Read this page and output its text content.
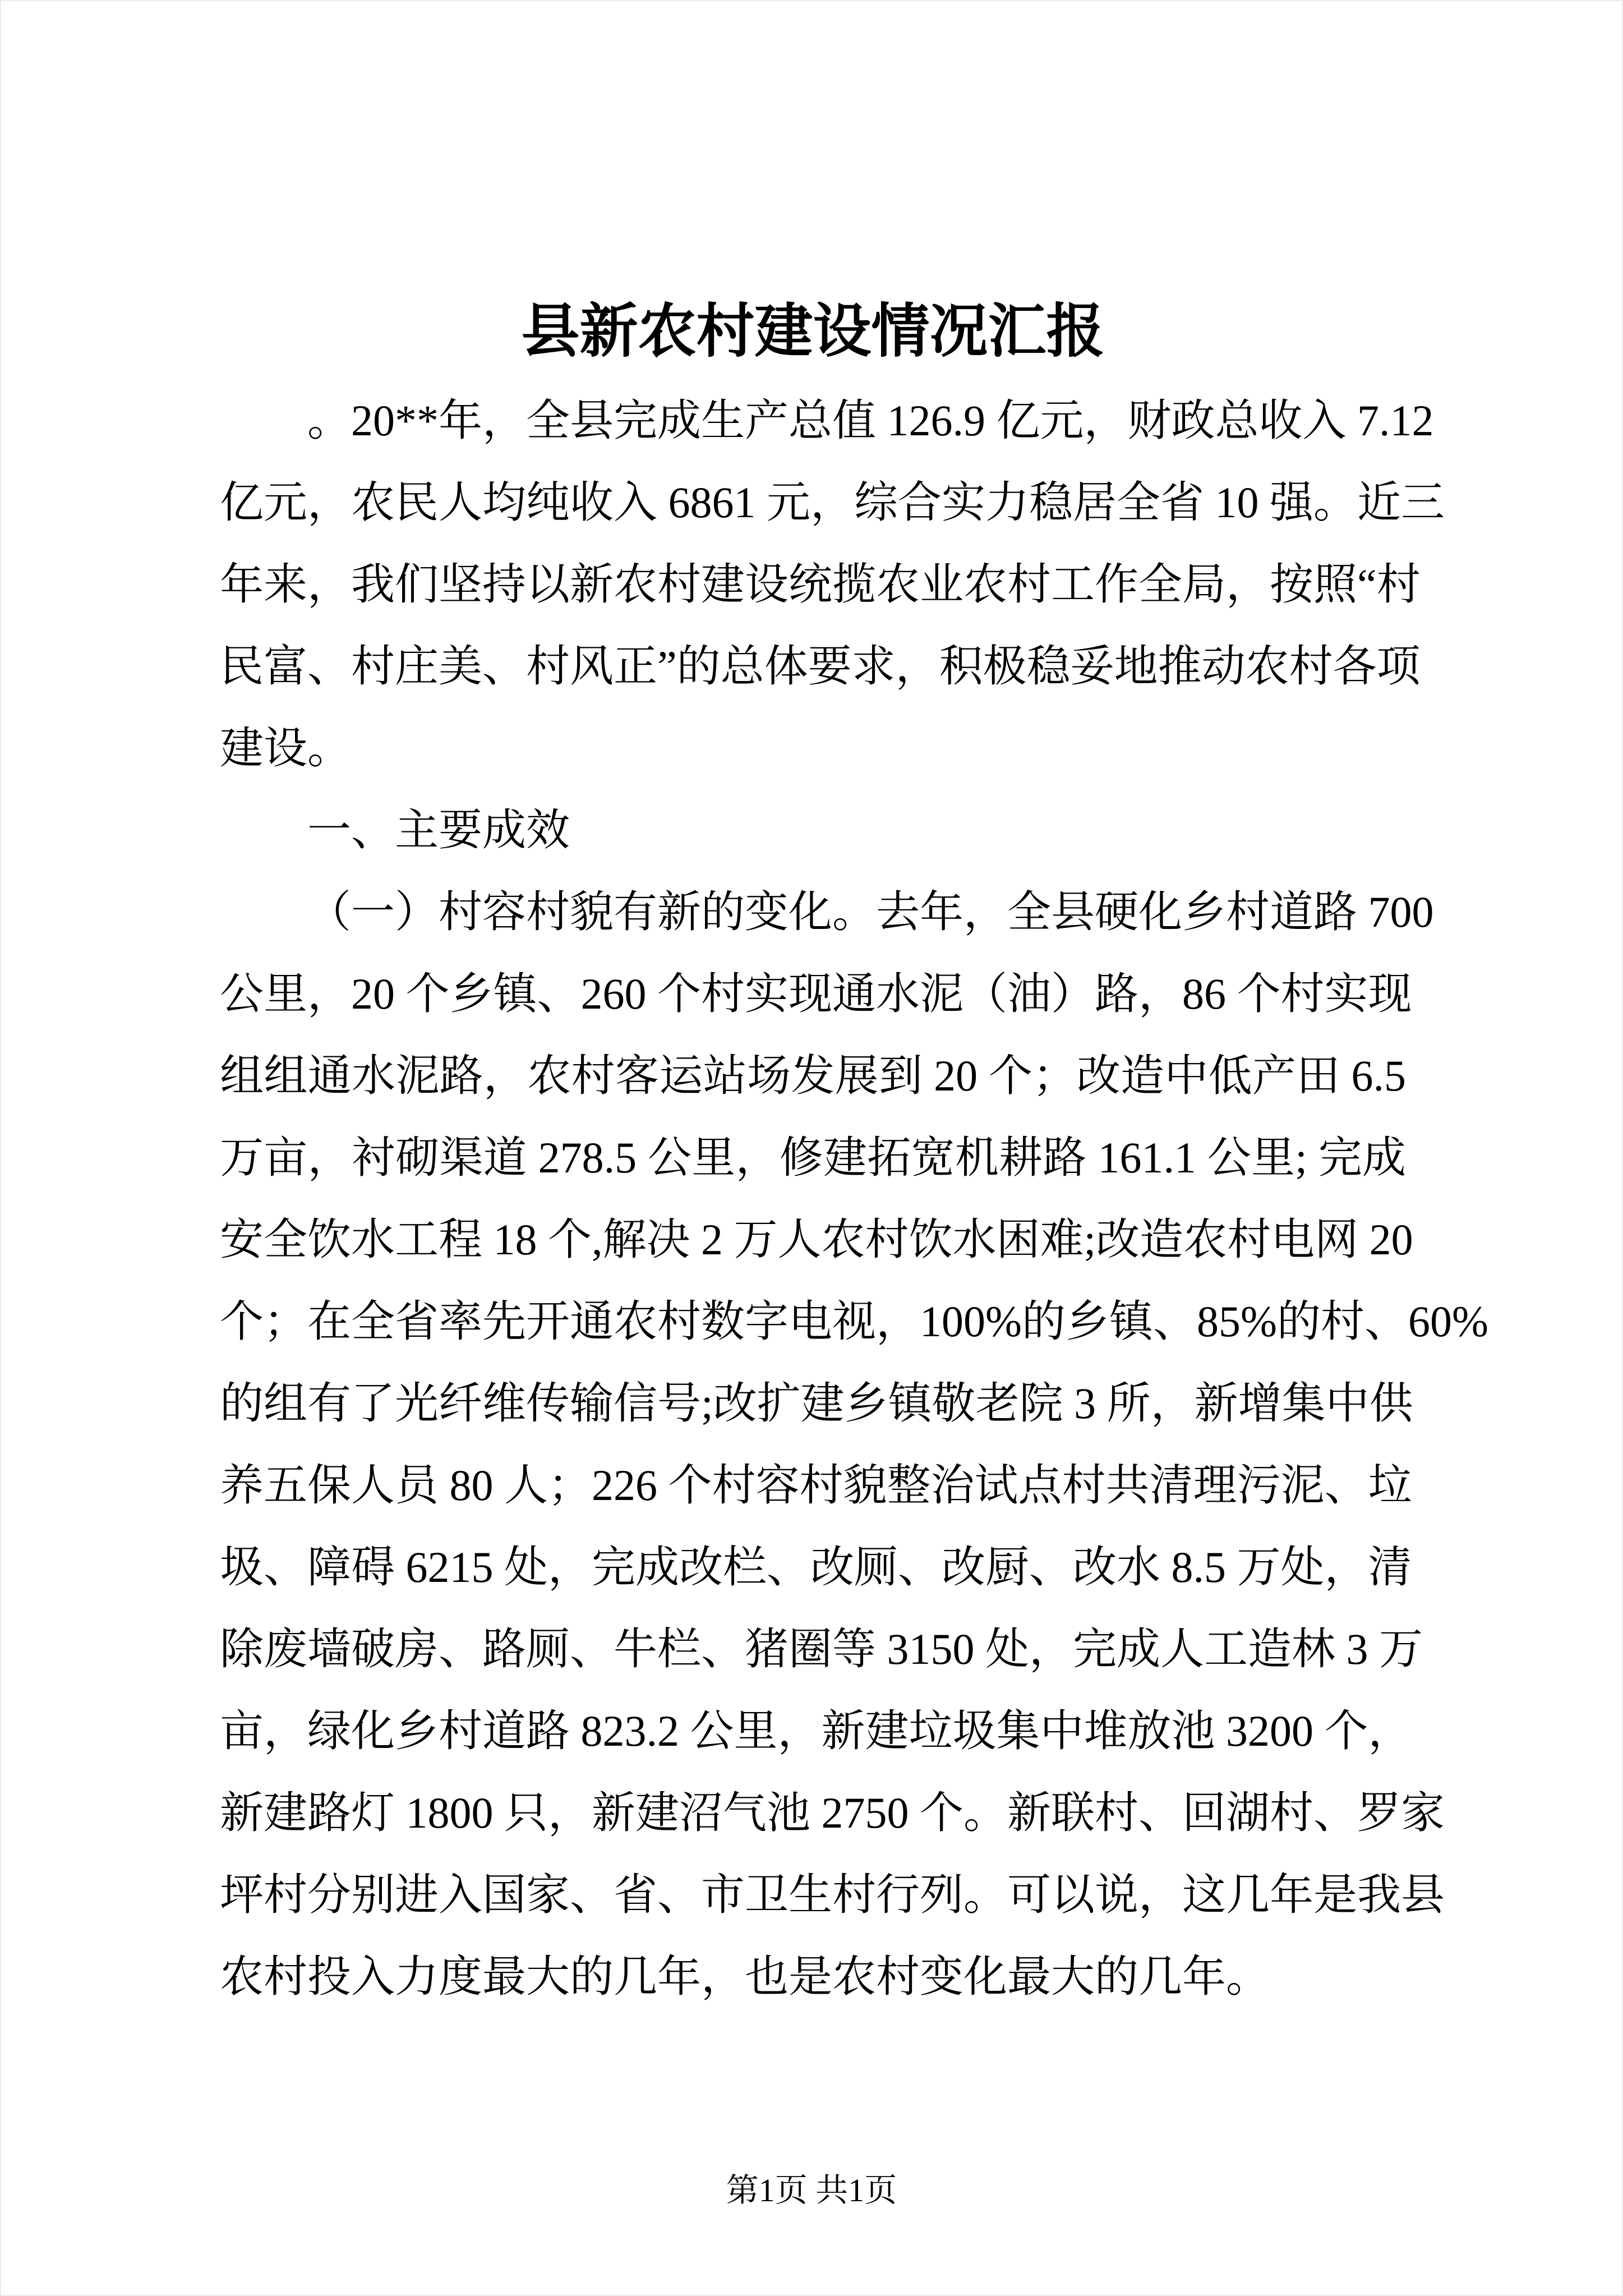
县新农村建设情况汇报
。20**年，全县完成生产总值 126.9 亿元，财政总收入 7.12
亿元，农民人均纯收入 6861 元，综合实力稳居全省 10 强。近三
年来，我们坚持以新农村建设统揽农业农村工作全局，按照“村
民富、村庄美、村风正”的总体要求，积极稳妥地推动农村各项
建设。
一、主要成效
（一）村容村貌有新的变化。去年，全县硬化乡村道路 700
公里，20 个乡镇、260 个村实现通水泥（油）路，86 个村实现
组组通水泥路，农村客运站场发展到 20 个；改造中低产田 6.5
万亩，衬砌渠道 278.5 公里，修建拓宽机耕路 161.1 公里; 完成
安全饮水工程 18 个,解决 2 万人农村饮水困难;改造农村电网 20
个；在全省率先开通农村数字电视，100%的乡镇、85%的村、60%
的组有了光纤维传输信号;改扩建乡镇敬老院 3 所，新增集中供
养五保人员 80 人；226 个村容村貌整治试点村共清理污泥、垃
圾、障碍 6215 处，完成改栏、改厕、改厨、改水 8.5 万处，清
除废墙破房、路厕、牛栏、猪圈等 3150 处，完成人工造林 3 万
亩，绿化乡村道路 823.2 公里，新建垃圾集中堆放池 3200 个，
新建路灯 1800 只，新建沼气池 2750 个。新联村、回湖村、罗家
坪村分别进入国家、省、市卫生村行列。可以说，这几年是我县
农村投入力度最大的几年，也是农村变化最大的几年。
第1页 共1页
